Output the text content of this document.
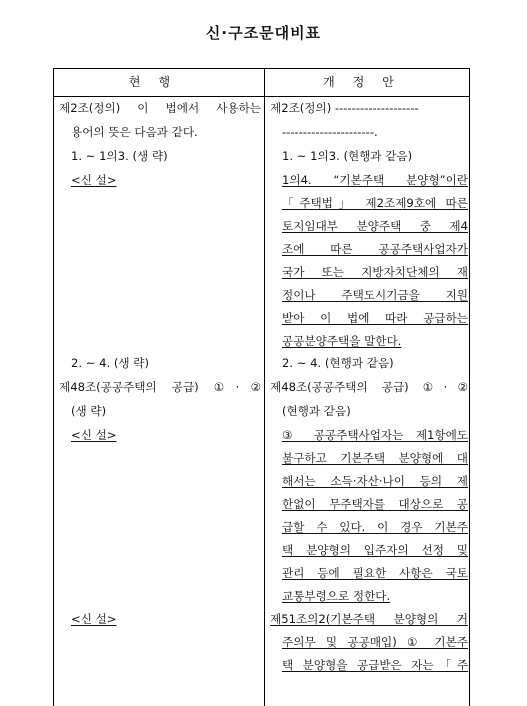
신·구조문대비표
현행	개정안
제2조(정의) 이 법에서 사용하는
용어의 뜻은 다음과 같다.
1. ~ 1의3. (생 략)
<신 설>
2. ~ 4. (생 략)
제48조(공공주택의 공급) ①·②
(생 략)
<신 설>
<신 설>
제2조(정의) --------------------
----------------------.
1. ~ 1의3. (현행과 같음)
1의4. “기본주택 분양형”이란
「주택법」 제2조제9호에 따른
토지임대부 분양주택 중 제4
조에 따른 공공주택사업자가
국가 또는 지방자치단체의 재
정이나 주택도시기금을 지원
받아 이 법에 따라 공급하는
공공분양주택을 말한다.
2. ~ 4. (현행과 같음)
제48조(공공주택의 공급) ①·②
(현행과 같음)
③ 공공주택사업자는 제1항에도
불구하고 기본주택 분양형에 대
해서는 소득·자산·나이 등의 제
한없이 무주택자를 대상으로 공
급할 수 있다. 이 경우 기본주
택 분양형의 입주자의 선정 및
관리 등에 필요한 사항은 국토
교통부령으로 정한다.
제51조의2(기본주택 분양형의 거
주의무 및 공공매입) ① 기본주
택 분양형을 공급받은 자는「주
